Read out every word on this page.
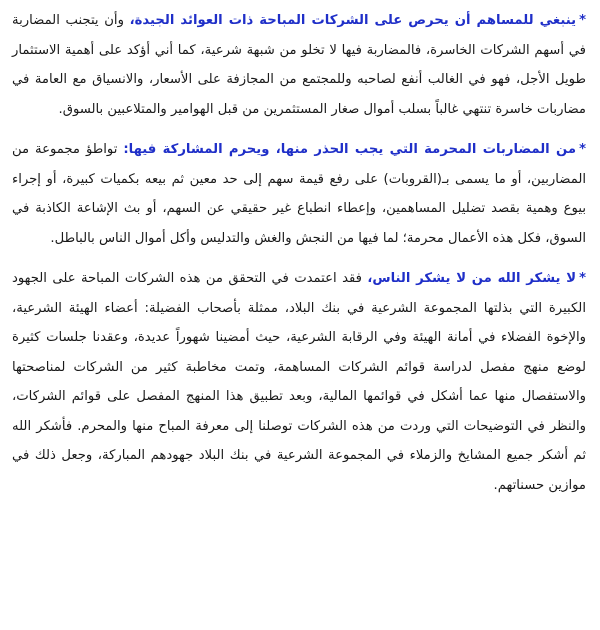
*ينبغي للمساهم أن يحرص على الشركات المباحة ذات العوائد الجيدة، وأن يتجنب المضاربة في أسهم الشركات الخاسرة، فالمضاربة فيها لا تخلو من شبهة شرعية، كما أني أؤكد على أهمية الاستثمار طويل الأجل، فهو في الغالب أنفع لصاحبه وللمجتمع من المجازفة على الأسعار، والانسياق مع العامة في مضاربات خاسرة تنتهي غالباً بسلب أموال صغار المستثمرين من قبل الهوامير والمتلاعبين بالسوق.

*من المضاربات المحرمة التي يجب الحذر منها، ويحرم المشاركة فيها: تواطؤ مجموعة من المضاربين، أو ما يسمى بـ(القروبات) على رفع قيمة سهم إلى حد معين ثم بيعه بكميات كبيرة، أو إجراء بيوع وهمية بقصد تضليل المساهمين، وإعطاء انطباع غير حقيقي عن السهم، أو بث الإشاعة الكاذبة في السوق، فكل هذه الأعمال محرمة؛ لما فيها من النجش والغش والتدليس وأكل أموال الناس بالباطل.

*لا يشكر الله من لا يشكر الناس، فقد اعتمدت في التحقق من هذه الشركات المباحة على الجهود الكبيرة التي بذلتها المجموعة الشرعية في بنك البلاد، ممثلة بأصحاب الفضيلة: أعضاء الهيئة الشرعية، والإخوة الفضلاء في أمانة الهيئة وفي الرقابة الشرعية، حيث أمضينا شهوراً عديدة، وعقدنا جلسات كثيرة لوضع منهج مفصل لدراسة قوائم الشركات المساهمة، وتمت مخاطبة كثير من الشركات لمناصحتها والاستفصال منها عما أشكل في قوائمها المالية، وبعد تطبيق هذا المنهج المفصل على قوائم الشركات، والنظر في التوضيحات التي وردت من هذه الشركات توصلنا إلى معرفة المباح منها والمحرم. فأشكر الله ثم أشكر جميع المشايخ والزملاء في المجموعة الشرعية في بنك البلاد جهودهم المباركة، وجعل ذلك في موازين حسناتهم.
